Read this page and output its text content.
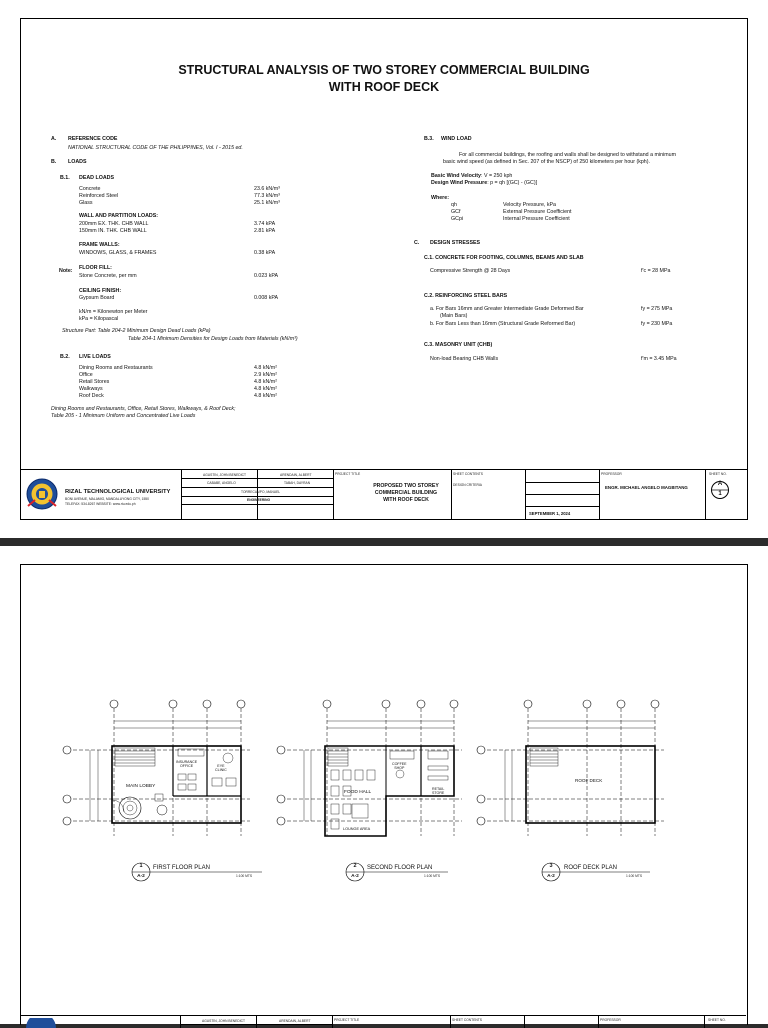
STRUCTURAL ANALYSIS OF TWO STOREY COMMERCIAL BUILDING
WITH ROOF DECK
A. REFERENCE CODE
NATIONAL STRUCTURAL CODE OF THE PHILIPPINES, Vol. I - 2015 ed.
B. LOADS
B.1. DEAD LOADS
Concrete	23.6 kN/m³
Reinforced Steel	77.3 kN/m³
Glass	25.1 kN/m³
WALL AND PARTITION LOADS:
200mm EX. THK. CHB WALL	3.74 kPA
150mm IN. THK. CHB WALL	2.81 kPA
FRAME WALLS:
WINDOWS, GLASS, & FRAMES	0.38 kPA
Note: FLOOR FILL:
Stone Concrete, per mm	0.023 kPA
CEILING FINISH:
Gypsum Board	0.008 kPA
kN/m = Kilonewton per Meter
kPa = Kilopascal
Structure Part: Table 204-2 Minimum Design Dead Loads (kPa)
Table 204-1 Minimum Densities for Design Loads from Materials (kN/m³)
B.2. LIVE LOADS
Dining Rooms and Restaurants	4.8 kN/m²
Office	2.9 kN/m²
Retail Stores	4.8 kN/m²
Walkways	4.8 kN/m²
Roof Deck	4.8 kN/m²
Dining Rooms and Restaurants, Office, Retail Stores, Walkways, & Roof Deck;
Table 205 - 1 Minimum Uniform and Concentrated Live Loads
B.3. WIND LOAD
For all commercial buildings, the roofing and walls shall be designed to withstand a minimum
basic wind speed (as defined in Sec. 207 of the NSCP) of 250 kilometers per hour (kph).
Basic Wind Velocity: V = 250 kph
Design Wind Pressure: p = qh [(GC) - (GC)]
Where:
qh	Velocity Pressure, kPa
GCf	External Pressure Coefficient
GCpi	Internal Pressure Coefficient
C. DESIGN STRESSES
C.1. CONCRETE FOR FOOTING, COLUMNS, BEAMS AND SLAB
Compressive Strength @ 28 Days	f'c = 28 MPa
C.2. REINFORCING STEEL BARS
a. For Bars 16mm and Greater Intermediate Grade Deformed Bar
(Main Bars)
fy = 275 MPa
b. For Bars Less than 16mm (Structural Grade Reformed Bar)	fy = 230 MPa
C.3. MASONRY UNIT (CHB)
Non-load Bearing CHB Walls	f'm = 3.45 MPa
RIZAL TECHNOLOGICAL UNIVERSITY
BONI AVENUE, MALAMIG, MANDALUYONG CITY, 1550
TELEFAX: 534-8267 WEBSITE: www.rtu.edu.ph
AGUSTIN, JOHN BENEDICT	ARENDAIN, ALBERT
CABABE, ANGELO	TABAH, DAYRAN
TORRECAMPO, MANUEL
ENGINEERING
PROJECT TITLE
PROPOSED TWO STOREY
COMMERCIAL BUILDING
WITH ROOF DECK
SHEET CONTENTS
DESIGN CRITERIA
SEPTEMBER 1, 2024
PROFESSOR
ENGR. MICHAEL ANGELO MAGBITANG
SHEET NO.
A
1
MAIN LOBBY
INSURANCE
OFFICE	EYE
CLINIC
FOOD HALL
COFFEE
SHOP
RETAIL
STORE
LOUNGE AREA
ROOF DECK
1
A-2
FIRST FLOOR PLAN
1:100 MTS
2
A-2
SECOND FLOOR PLAN
1:100 MTS
3
A-2
ROOF DECK PLAN
1:100 MTS
AGUSTIN, JOHN BENEDICT	ARENDAIN, ALBERT	PROJECT TITLE	SHEET CONTENTS	PROFESSOR	SHEET NO.
